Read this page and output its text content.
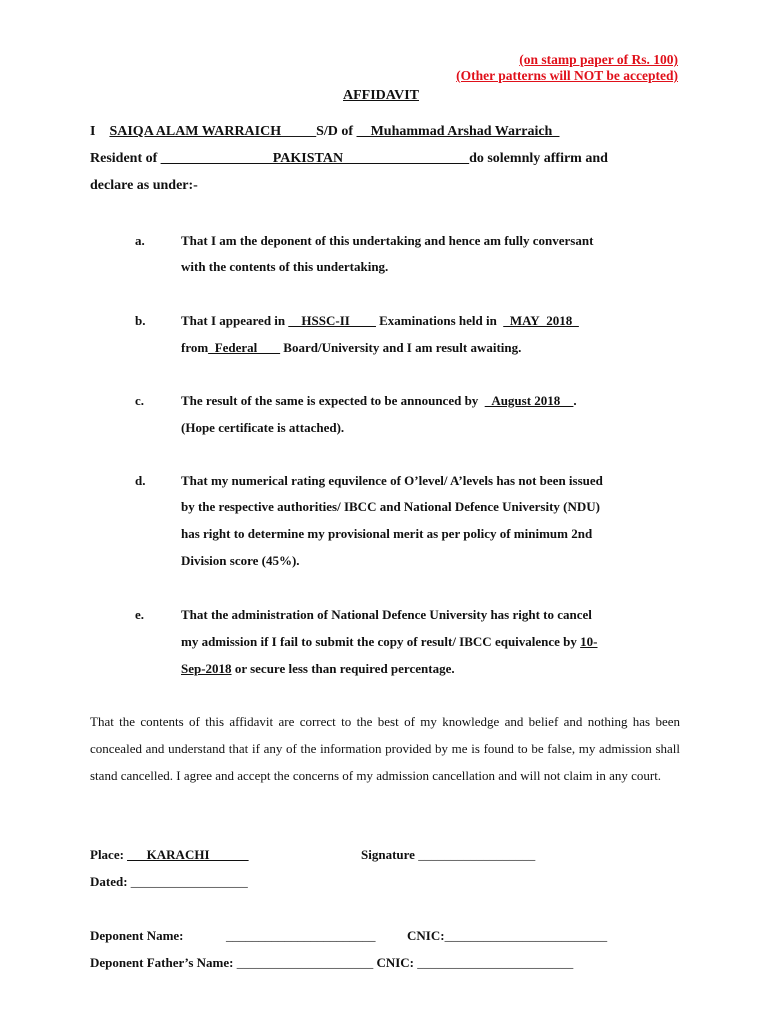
(on stamp paper of Rs. 100)
(Other patterns will NOT be accepted)
AFFIDAVIT
I SAIQA ALAM WARRAICH_____S/D of __Muhammad Arshad Warraich_
Resident of ________________PAKISTAN__________________do solemnly affirm and
declare as under:-
a.	That I am the deponent of this undertaking and hence am fully conversant
with the contents of this undertaking.
b.	That I appeared in __HSSC-II____ Examinations held in  _MAY_2018_
from_Federal ___ Board/University and I am result awaiting.
c.	The result of the same is expected to be announced by  _August 2018__.
(Hope certificate is attached).
d.	That my numerical rating equvilence of O’level/ A’levels has not been issued
by the respective authorities/ IBCC and National Defence University (NDU)
has right to determine my provisional merit as per policy of minimum 2nd
Division score (45%).
e.	That the administration of National Defence University has right to cancel
my admission if I fail to submit the copy of result/ IBCC equivalence by 10-
Sep-2018 or secure less than required percentage.
That the contents of this affidavit are correct to the best of my knowledge and belief and nothing has been concealed and understand that if any of the information provided by me is found to be false, my admission shall stand cancelled. I agree and accept the concerns of my admission cancellation and will not claim in any court.
Place: ___KARACHI______	Signature __________________
Dated: __________________
Deponent Name:	_______________________ CNIC:_________________________
Deponent Father’s Name: _____________________ CNIC: ________________________
